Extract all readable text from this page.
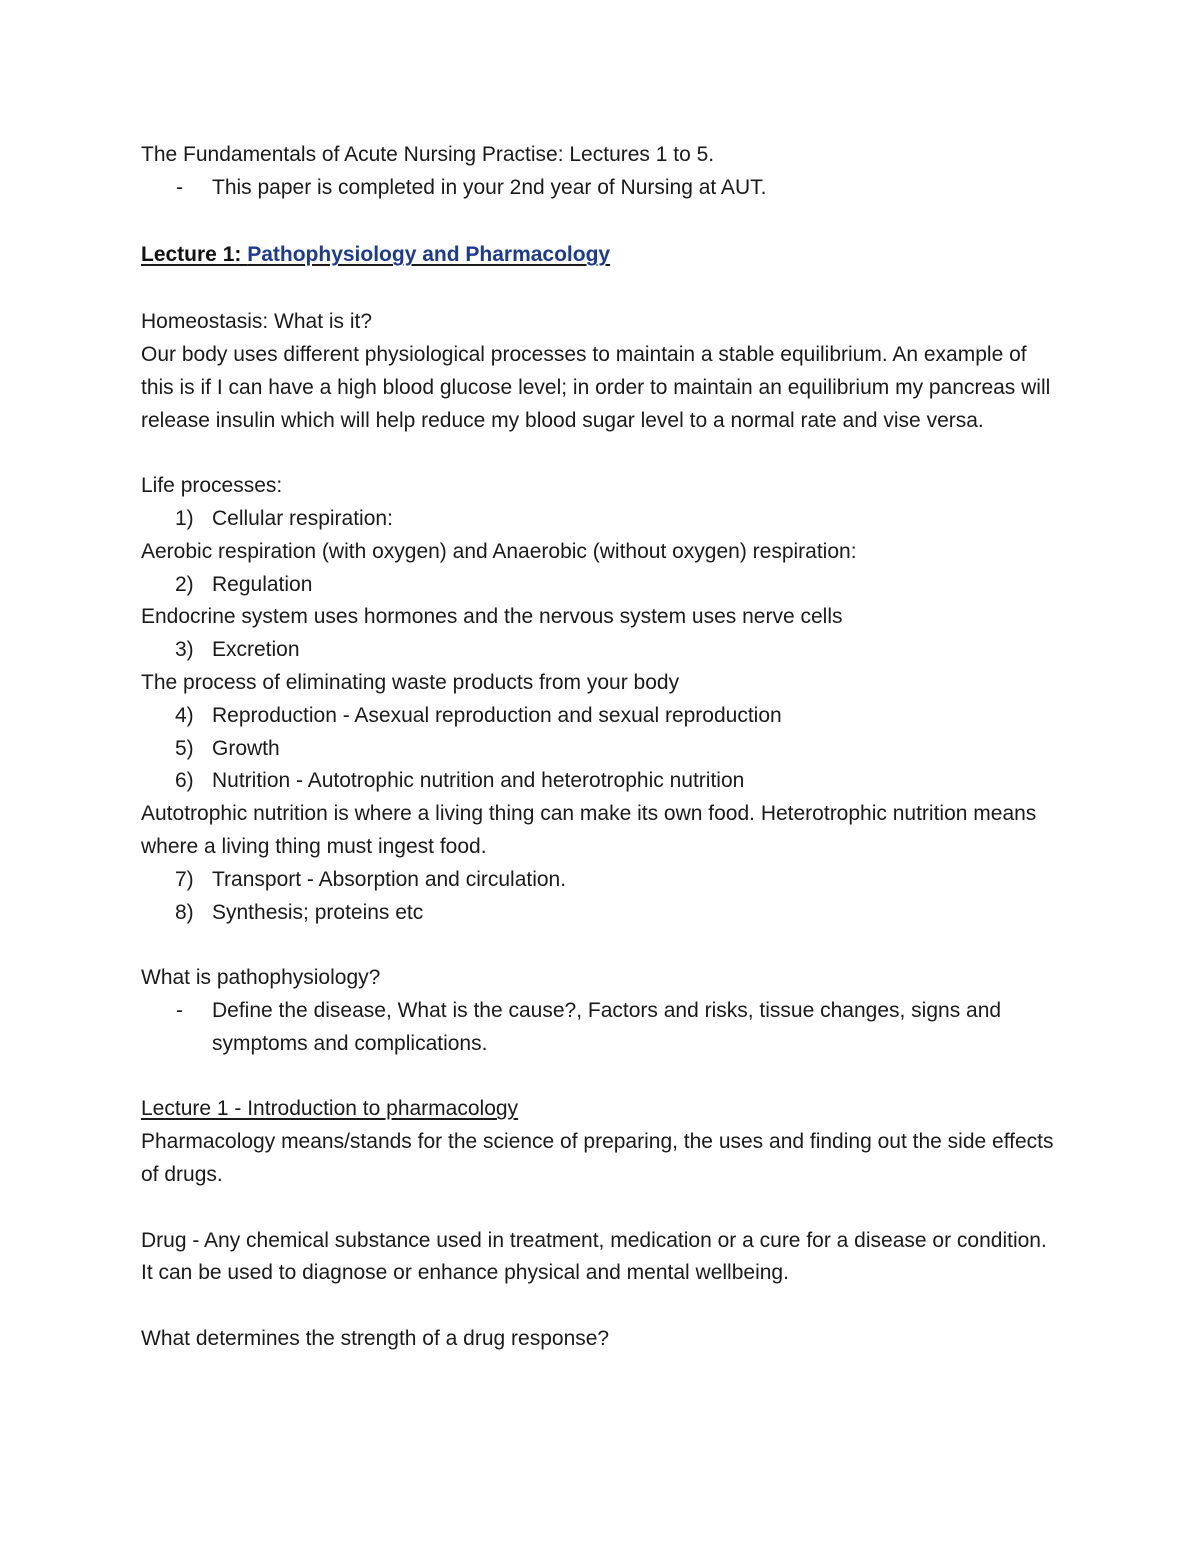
The Fundamentals of Acute Nursing Practise: Lectures 1 to 5.
-	This paper is completed in your 2nd year of Nursing at AUT.
Lecture 1: Pathophysiology and Pharmacology
Homeostasis: What is it?
Our body uses different physiological processes to maintain a stable equilibrium. An example of this is if I can have a high blood glucose level; in order to maintain an equilibrium my pancreas will release insulin which will help reduce my blood sugar level to a normal rate and vise versa.
Life processes:
1) Cellular respiration:
Aerobic respiration (with oxygen) and Anaerobic (without oxygen) respiration:
2) Regulation
Endocrine system uses hormones and the nervous system uses nerve cells
3) Excretion
The process of eliminating waste products from your body
4) Reproduction - Asexual reproduction and sexual reproduction
5) Growth
6) Nutrition - Autotrophic nutrition and heterotrophic nutrition
Autotrophic nutrition is where a living thing can make its own food. Heterotrophic nutrition means where a living thing must ingest food.
7) Transport - Absorption and circulation.
8) Synthesis; proteins etc
What is pathophysiology?
-	Define the disease, What is the cause?, Factors and risks, tissue changes, signs and symptoms and complications.
Lecture 1 - Introduction to pharmacology
Pharmacology means/stands for the science of preparing, the uses and finding out the side effects of drugs.
Drug - Any chemical substance used in treatment, medication or a cure for a disease or condition. It can be used to diagnose or enhance physical and mental wellbeing.
What determines the strength of a drug response?
